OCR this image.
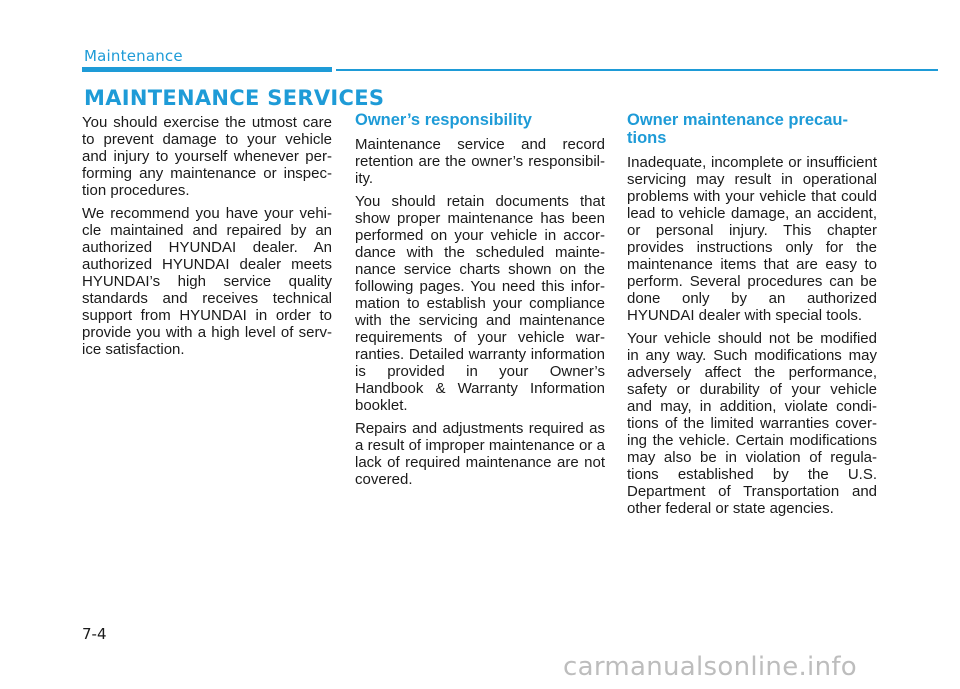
Maintenance
MAINTENANCE SERVICES

You should exercise the utmost care to prevent damage to your vehicle and injury to yourself whenever performing any maintenance or inspection procedures.

We recommend you have your vehicle maintained and repaired by an authorized HYUNDAI dealer. An authorized HYUNDAI dealer meets HYUNDAI’s high service quality standards and receives technical support from HYUNDAI in order to provide you with a high level of service satisfaction.

Owner’s responsibility

Maintenance service and record retention are the owner’s responsibility.

You should retain documents that show proper maintenance has been performed on your vehicle in accordance with the scheduled maintenance service charts shown on the following pages. You need this information to establish your compliance with the servicing and maintenance requirements of your vehicle warranties. Detailed warranty information is provided in your Owner’s Handbook & Warranty Information booklet.

Repairs and adjustments required as a result of improper maintenance or a lack of required maintenance are not covered.

Owner maintenance precautions

Inadequate, incomplete or insufficient servicing may result in operational problems with your vehicle that could lead to vehicle damage, an accident, or personal injury. This chapter provides instructions only for the maintenance items that are easy to perform. Several procedures can be done only by an authorized HYUNDAI dealer with special tools.

Your vehicle should not be modified in any way. Such modifications may adversely affect the performance, safety or durability of your vehicle and may, in addition, violate conditions of the limited warranties covering the vehicle. Certain modifications may also be in violation of regulations established by the U.S. Department of Transportation and other federal or state agencies.

7-4
carmanualsonline.info
